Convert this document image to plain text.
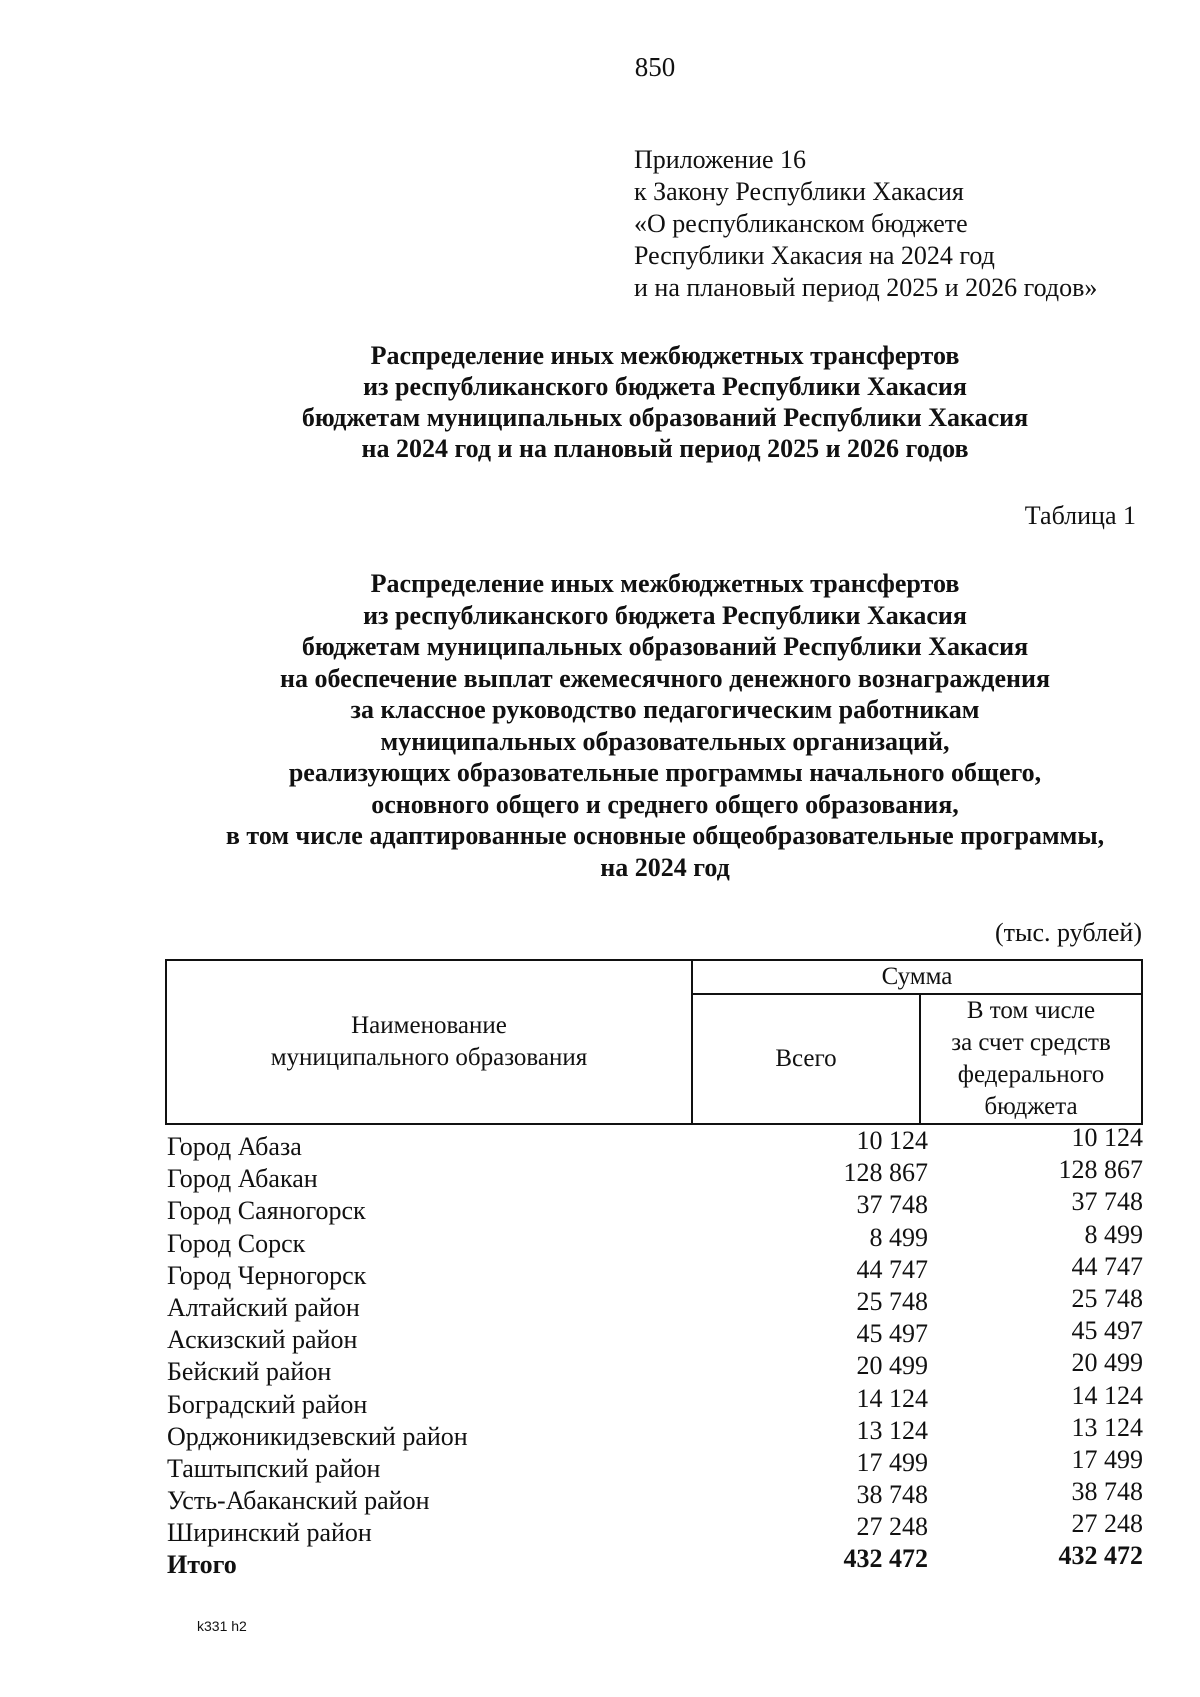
850
Приложение 16
к Закону Республики Хакасия
«О республиканском бюджете
Республики Хакасия на 2024 год
и на плановый период 2025 и 2026 годов»
Распределение иных межбюджетных трансфертов
из республиканского бюджета Республики Хакасия
бюджетам муниципальных образований Республики Хакасия
на 2024 год и на плановый период 2025 и 2026 годов
Таблица 1
Распределение иных межбюджетных трансфертов
из республиканского бюджета Республики Хакасия
бюджетам муниципальных образований Республики Хакасия
на обеспечение выплат ежемесячного денежного вознаграждения
за классное руководство педагогическим работникам
муниципальных образовательных организаций,
реализующих образовательные программы начального общего,
основного общего и среднего общего образования,
в том числе адаптированные основные общеобразовательные программы,
на 2024 год
(тыс. рублей)
Наименование
муниципального образования	Сумма	
	Всего	В том числе
за счет средств
федерального
бюджета
Город Абаза	10 124	10 124
Город Абакан	128 867	128 867
Город Саяногорск	37 748	37 748
Город Сорск	8 499	8 499
Город Черногорск	44 747	44 747
Алтайский район	25 748	25 748
Аскизский район	45 497	45 497
Бейский район	20 499	20 499
Боградский район	14 124	14 124
Орджоникидзевский район	13 124	13 124
Таштыпский район	17 499	17 499
Усть-Абаканский район	38 748	38 748
Ширинский район	27 248	27 248
Итого	432 472	432 472
k331 h2
